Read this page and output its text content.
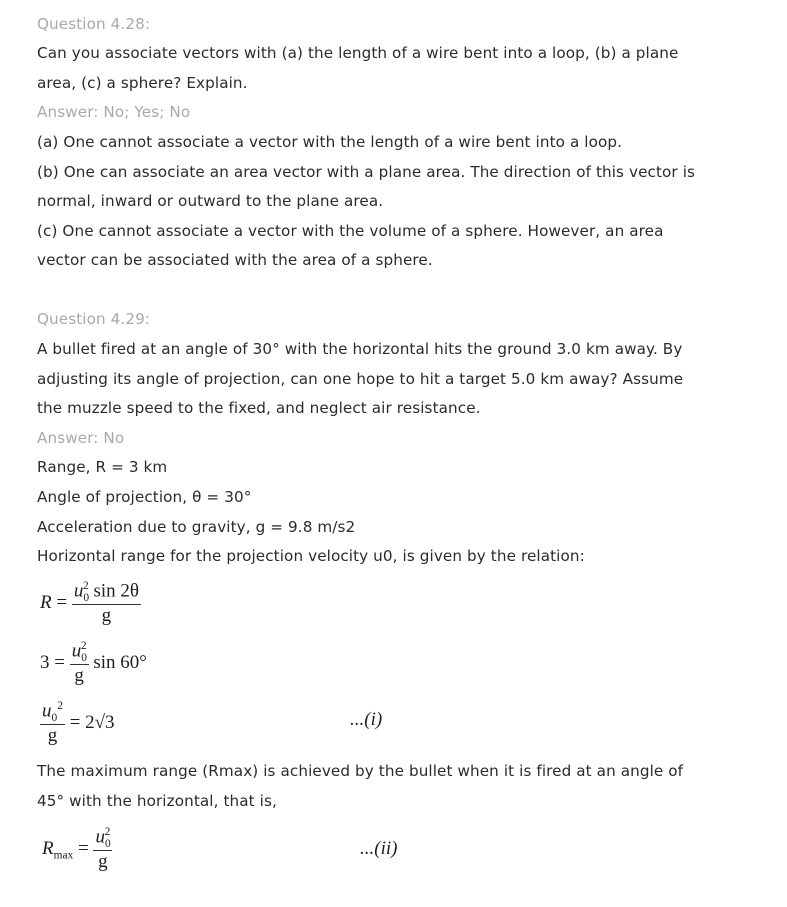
Question 4.28:
Can you associate vectors with (a) the length of a wire bent into a loop, (b) a plane
area, (c) a sphere? Explain.
Answer: No; Yes; No
(a) One cannot associate a vector with the length of a wire bent into a loop.
(b) One can associate an area vector with a plane area. The direction of this vector is
normal, inward or outward to the plane area.
(c) One cannot associate a vector with the volume of a sphere. However, an area
vector can be associated with the area of a sphere.
Question 4.29:
A bullet fired at an angle of 30° with the horizontal hits the ground 3.0 km away. By
adjusting its angle of projection, can one hope to hit a target 5.0 km away? Assume
the muzzle speed to the fixed, and neglect air resistance.
Answer: No
Range, R = 3 km
Angle of projection, θ = 30°
Acceleration due to gravity, g = 9.8 m/s2
Horizontal range for the projection velocity u0, is given by the relation:
$R = \frac{u_0^2 \sin 2\theta}{g}$
$3 = \frac{u_0^2}{g}$ sin 60°
$\frac{u_0^2}{g} = 2√3$	...(i)
The maximum range (Rmax) is achieved by the bullet when it is fired at an angle of
45° with the horizontal, that is,
$R_{max} = \frac{u_0^2}{g}$	...(ii)
